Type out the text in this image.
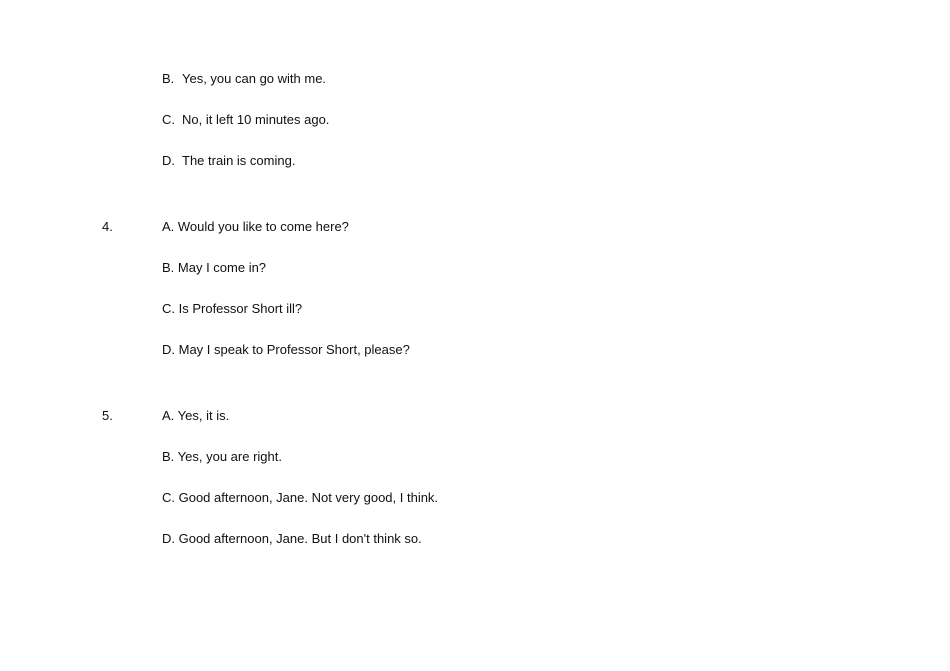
B. Yes, you can go with me.
C. No, it left 10 minutes ago.
D. The train is coming.
4.	A. Would you like to come here?
B. May I come in?
C. Is Professor Short ill?
D. May I speak to Professor Short, please?
5.	A. Yes, it is.
B. Yes, you are right.
C. Good afternoon, Jane. Not very good, I think.
D. Good afternoon, Jane. But I don't think so.
